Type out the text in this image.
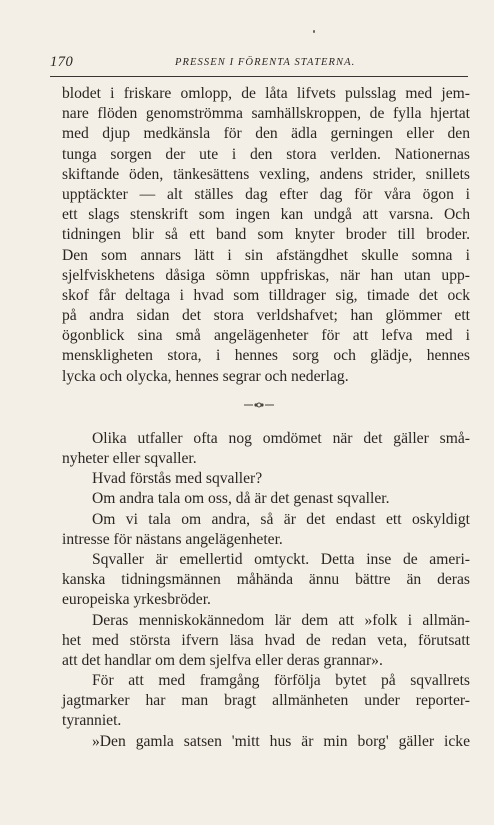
170	PRESSEN I FÖRENTA STATERNA.
blodet i friskare omlopp, de låta lifvets pulsslag med jem-
nare flöden genomströmma samhällskroppen, de fylla hjertat
med djup medkänsla för den ädla gerningen eller den
tunga sorgen der ute i den stora verlden. Nationernas
skiftande öden, tänkesättens vexling, andens strider, snillets
upptäckter — alt ställes dag efter dag för våra ögon i
ett slags stenskrift som ingen kan undgå att varsna. Och
tidningen blir så ett band som knyter broder till broder.
Den som annars lätt i sin afstängdhet skulle somna i
sjelfviskhetens dåsiga sömn uppfriskas, när han utan upp-
skof får deltaga i hvad som tilldrager sig, timade det ock
på andra sidan det stora verldshafvet; han glömmer ett
ögonblick sina små angelägenheter för att lefva med i
menskligheten stora, i hennes sorg och glädje, hennes
lycka och olycka, hennes segrar och nederlag.
Olika utfaller ofta nog omdömet när det gäller små-
nyheter eller sqvaller.
Hvad förstås med sqvaller?
Om andra tala om oss, då är det genast sqvaller.
Om vi tala om andra, så är det endast ett oskyldigt
intresse för nästans angelägenheter.
Sqvaller är emellertid omtyckt. Detta inse de ameri-
kanska tidningsmännen måhända ännu bättre än deras
europeiska yrkesbröder.
Deras menniskokännedom lär dem att »folk i allmän-
het med största ifvern läsa hvad de redan veta, förutsatt
att det handlar om dem sjelfva eller deras grannar».
För att med framgång förfölja bytet på sqvallrets
jagtmarker har man bragt allmänheten under reporter-
tyranniet.
»Den gamla satsen 'mitt hus är min borg' gäller icke
